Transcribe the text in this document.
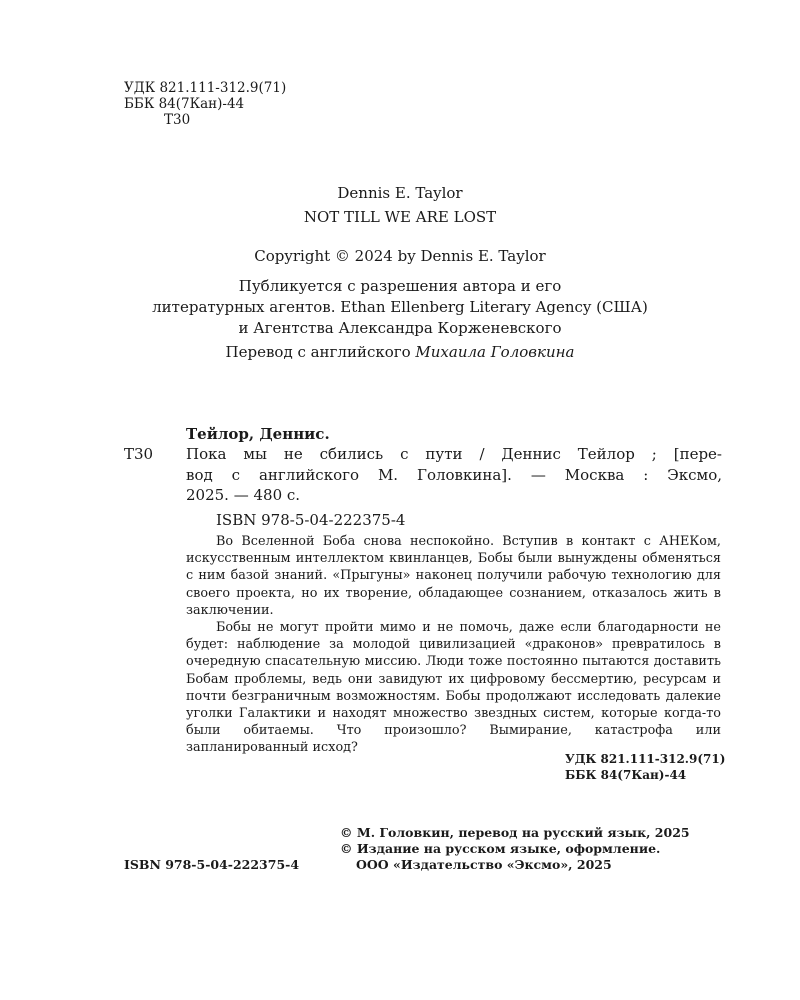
УДК 821.111-312.9(71)
ББК 84(7Кан)-44
Т30
Dennis E. Taylor
NOT TILL WE ARE LOST
Copyright © 2024 by Dennis E. Taylor
Публикуется с разрешения автора и его
литературных агентов. Ethan Ellenberg Literary Agency (США)
и Агентства Александра Корженевского
Перевод с английского Михаила Головкина
Тейлор, Деннис.
Т30 Пока мы не сбились с пути / Деннис Тейлор ; [пере-
вод с английского М. Головкина]. — Москва : Эксмо,
2025. — 480 с.
ISBN 978-5-04-222375-4

Во Вселенной Боба снова неспокойно. Вступив в контакт с АНЕКом, искусственным интеллектом квинланцев, Бобы были вынуждены обменяться с ним базой знаний. «Прыгуны» наконец получили рабочую технологию для своего проекта, но их творение, обладающее сознанием, отказалось жить в заключении.

Бобы не могут пройти мимо и не помочь, даже если благодарности не будет: наблюдение за молодой цивилизацией «драконов» превратилось в очередную спасательную миссию. Люди тоже постоянно пытаются доставить Бобам проблемы, ведь они завидуют их цифровому бессмертию, ресурсам и почти безграничным возможностям. Бобы продолжают исследовать далекие уголки Галактики и находят множество звездных систем, которые когда-то были обитаемы. Что произошло? Вымирание, катастрофа или запланированный исход?

УДК 821.111-312.9(71)
ББК 84(7Кан)-44
ISBN 978-5-04-222375-4
© М. Головкин, перевод на русский язык, 2025
© Издание на русском языке, оформление.
ООО «Издательство «Эксмо», 2025
